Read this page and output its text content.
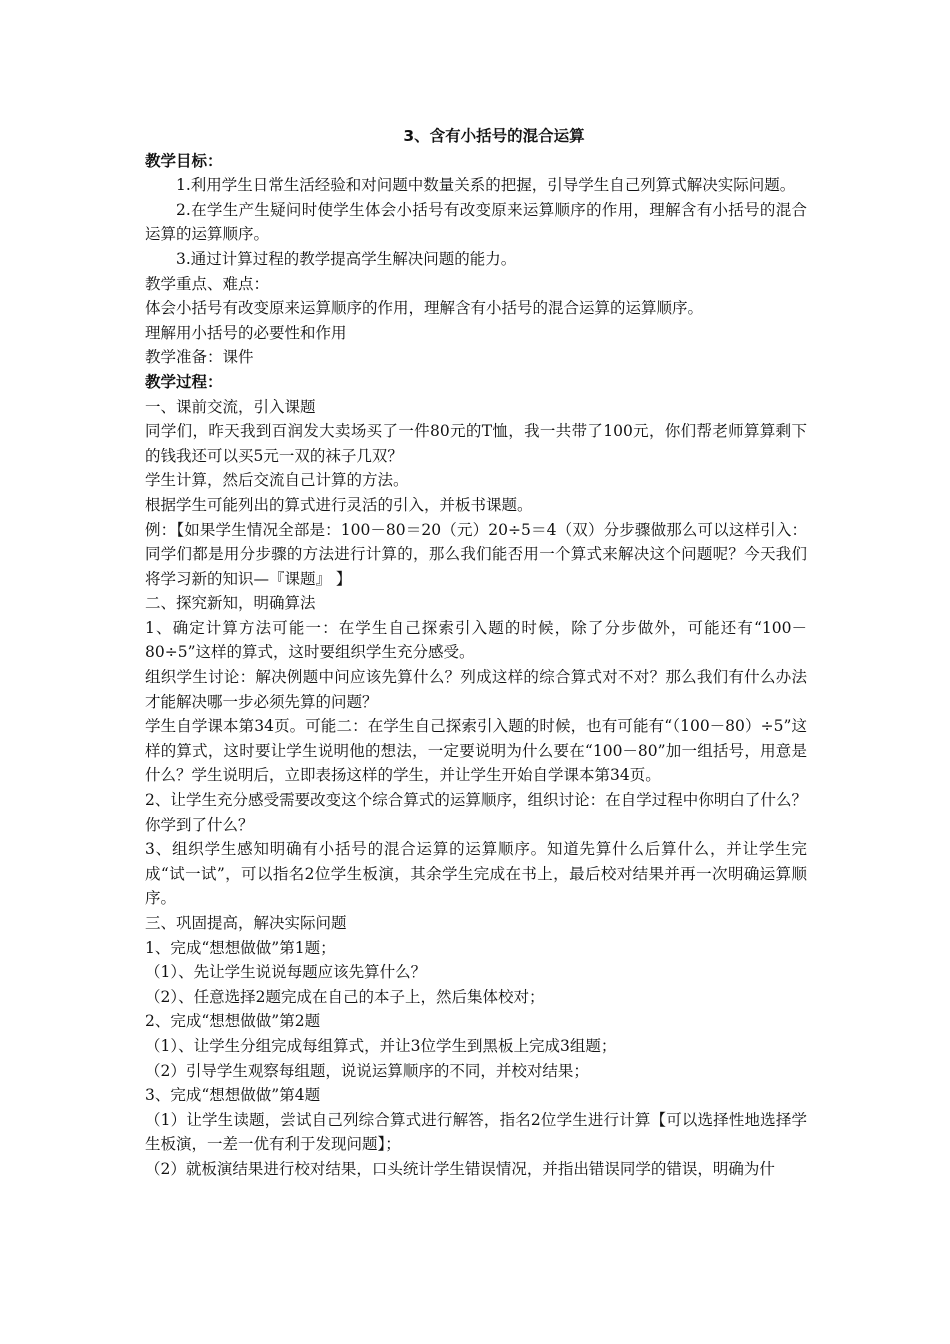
3、含有小括号的混合运算

教学目标：

1.利用学生日常生活经验和对问题中数量关系的把握，引导学生自己列算式解决实际问题。

2.在学生产生疑问时使学生体会小括号有改变原来运算顺序的作用，理解含有小括号的混合运算的运算顺序。

3.通过计算过程的教学提高学生解决问题的能力。

教学重点、难点：

体会小括号有改变原来运算顺序的作用，理解含有小括号的混合运算的运算顺序。

理解用小括号的必要性和作用

教学准备：课件

教学过程：

一、课前交流，引入课题

同学们，昨天我到百润发大卖场买了一件80元的T恤，我一共带了100元，你们帮老师算算剩下的钱我还可以买5元一双的袜子几双？

学生计算，然后交流自己计算的方法。

根据学生可能列出的算式进行灵活的引入，并板书课题。

例：【如果学生情况全部是：100－80＝20（元）20÷5＝4（双）分步骤做那么可以这样引入：同学们都是用分步骤的方法进行计算的，那么我们能否用一个算式来解决这个问题呢？今天我们将学习新的知识—『课题』 】

二、探究新知，明确算法

1、确定计算方法可能一：在学生自己探索引入题的时候，除了分步做外，可能还有“100－80÷5”这样的算式，这时要组织学生充分感受。

组织学生讨论：解决例题中问应该先算什么？列成这样的综合算式对不对？那么我们有什么办法才能解决哪一步必须先算的问题？

学生自学课本第34页。可能二：在学生自己探索引入题的时候，也有可能有“（100－80）÷5”这样的算式，这时要让学生说明他的想法，一定要说明为什么要在“100－80”加一组括号，用意是什么？学生说明后，立即表扬这样的学生，并让学生开始自学课本第34页。

2、让学生充分感受需要改变这个综合算式的运算顺序，组织讨论：在自学过程中你明白了什么？你学到了什么？

3、组织学生感知明确有小括号的混合运算的运算顺序。知道先算什么后算什么，并让学生完成“试一试”，可以指名2位学生板演，其余学生完成在书上，最后校对结果并再一次明确运算顺序。

三、巩固提高，解决实际问题

1、完成“想想做做”第1题；

（1）、先让学生说说每题应该先算什么？

（2）、任意选择2题完成在自己的本子上，然后集体校对；

2、完成“想想做做”第2题

（1）、让学生分组完成每组算式，并让3位学生到黑板上完成3组题；

（2）引导学生观察每组题，说说运算顺序的不同，并校对结果；

3、完成“想想做做”第4题

（1）让学生读题，尝试自己列综合算式进行解答，指名2位学生进行计算【可以选择性地选择学生板演，一差一优有利于发现问题】；

（2）就板演结果进行校对结果，口头统计学生错误情况，并指出错误同学的错误，明确为什
